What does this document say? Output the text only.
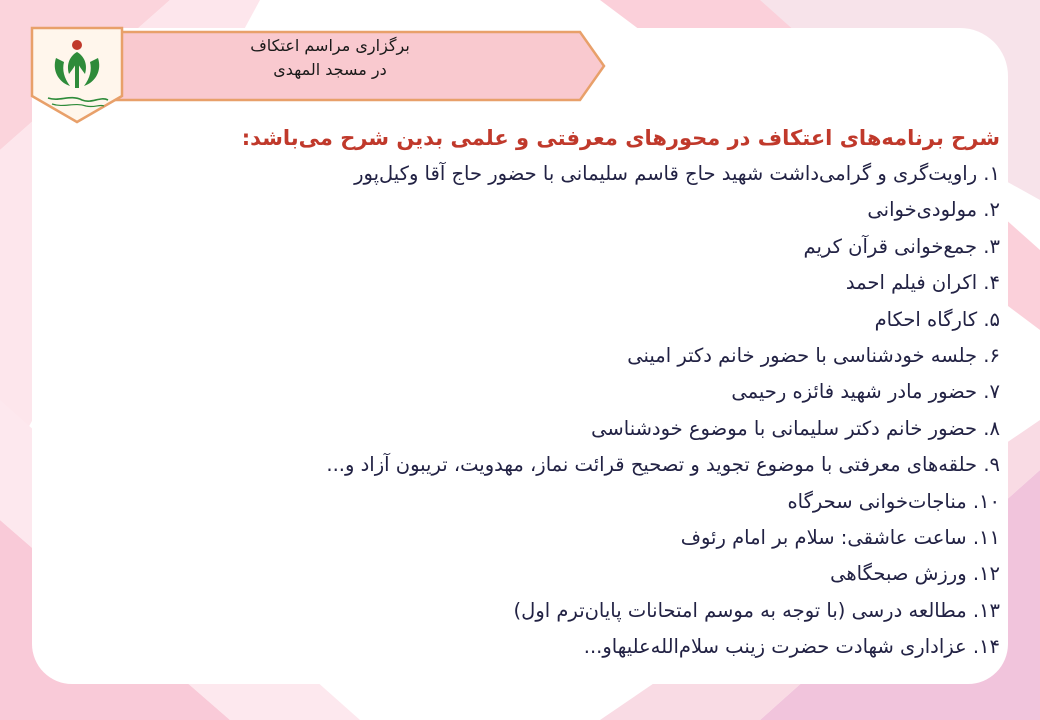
برگزاری مراسم اعتکاف
در مسجد المهدی
شرح برنامه‌های اعتکاف در محورهای معرفتی و علمی بدین شرح می‌باشد:
۱. راویت‌گری و گرامی‌داشت شهید حاج قاسم سلیمانی با حضور حاج آقا وکیل‌پور
۲. مولودی‌خوانی
۳. جمع‌خوانی قرآن کریم
۴. اکران فیلم احمد
۵. کارگاه احکام
۶. جلسه خودشناسی با حضور خانم دکتر امینی
۷. حضور مادر شهید فائزه رحیمی
۸. حضور خانم دکتر سلیمانی با موضوع خودشناسی
۹. حلقه‌های معرفتی با موضوع تجوید و تصحیح قرائت نماز، مهدویت، تریبون آزاد و...
۱۰. مناجات‌خوانی سحرگاه
۱۱. ساعت عاشقی: سلام بر امام رئوف
۱۲. ورزش صبحگاهی
۱۳. مطالعه درسی (با توجه به موسم امتحانات پایان‌ترم اول)
۱۴. عزاداری شهادت حضرت زینب سلام‌الله‌علیهاو...
